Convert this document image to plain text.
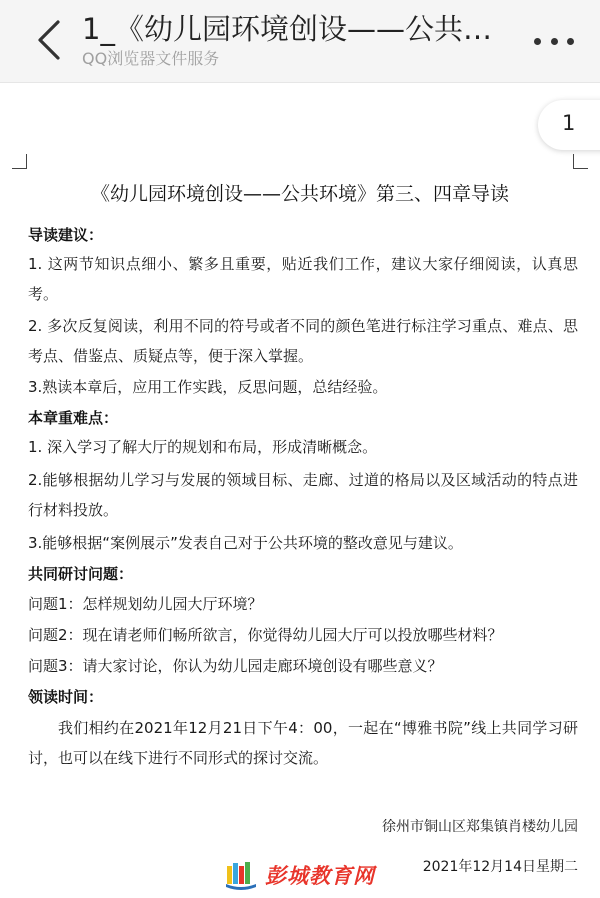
1_《幼儿园环境创设——公共…
QQ浏览器文件服务
1
《幼儿园环境创设——公共环境》第三、四章导读
导读建议：
1. 这两节知识点细小、繁多且重要，贴近我们工作，建议大家仔细阅读，认真思考。
2. 多次反复阅读，利用不同的符号或者不同的颜色笔进行标注学习重点、难点、思考点、借鉴点、质疑点等，便于深入掌握。
3.熟读本章后，应用工作实践，反思问题，总结经验。
本章重难点：
1. 深入学习了解大厅的规划和布局，形成清晰概念。
2.能够根据幼儿学习与发展的领域目标、走廊、过道的格局以及区域活动的特点进行材料投放。
3.能够根据“案例展示”发表自己对于公共环境的整改意见与建议。
共同研讨问题：
问题1：怎样规划幼儿园大厅环境？
问题2：现在请老师们畅所欲言，你觉得幼儿园大厅可以投放哪些材料？
问题3：请大家讨论，你认为幼儿园走廊环境创设有哪些意义？
领读时间：
我们相约在2021年12月21日下午4：00，一起在“博雅书院”线上共同学习研讨，也可以在线下进行不同形式的探讨交流。
徐州市铜山区郑集镇肖楼幼儿园
2021年12月14日星期二
彭城教育网
